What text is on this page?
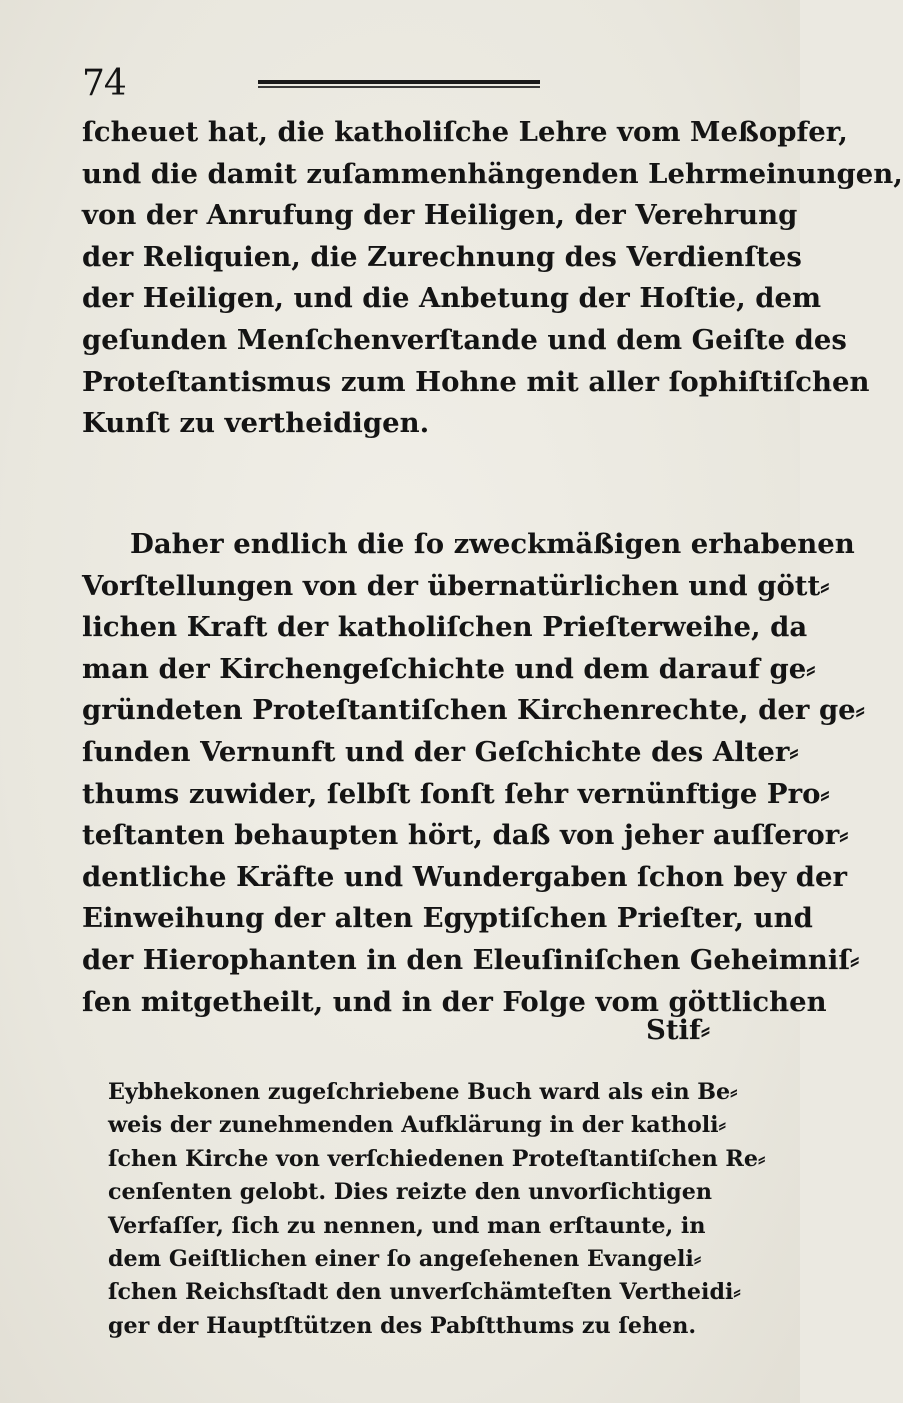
74
ſcheuet hat, die katholiſche Lehre vom Meßopfer,
und die damit zuſammenhängenden Lehrmeinungen,
von der Anrufung der Heiligen, der Verehrung
der Reliquien, die Zurechnung des Verdienſtes
der Heiligen, und die Anbetung der Hoſtie, dem
geſunden Menſchenverſtande und dem Geiſte des
Proteſtantismus zum Hohne mit aller ſophiſtiſchen
Kunſt zu vertheidigen.
Daher endlich die ſo zweckmäßigen erhabenen
Vorſtellungen von der übernatürlichen und gött⸗
lichen Kraft der katholiſchen Prieſterweihe, da
man der Kirchengeſchichte und dem darauf ge⸗
gründeten Proteſtantiſchen Kirchenrechte, der ge⸗
ſunden Vernunft und der Geſchichte des Alter⸗
thums zuwider, ſelbſt ſonſt ſehr vernünftige Pro⸗
teſtanten behaupten hört, daß von jeher auſſeror⸗
dentliche Kräfte und Wundergaben ſchon bey der
Einweihung der alten Egyptiſchen Prieſter, und
der Hierophanten in den Eleuſiniſchen Geheimniſ⸗
ſen mitgetheilt, und in der Folge vom göttlichen
Stif⸗
Eybhekonen zugeſchriebene Buch ward als ein Be⸗
weis der zunehmenden Aufklärung in der katholi⸗
ſchen Kirche von verſchiedenen Proteſtantiſchen Re⸗
cenſenten gelobt. Dies reizte den unvorſichtigen
Verfaſſer, ſich zu nennen, und man erſtaunte, in
dem Geiſtlichen einer ſo angeſehenen Evangeli⸗
ſchen Reichsſtadt den unverſchämteſten Vertheidi⸗
ger der Hauptſtützen des Pabſtthums zu ſehen.
